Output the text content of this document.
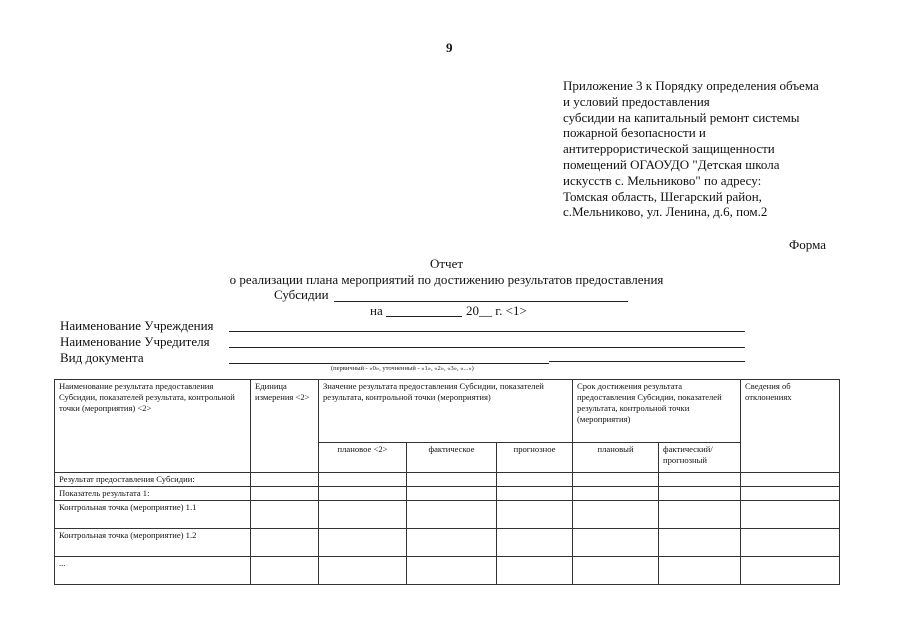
9
Приложение 3 к Порядку определения объема
и условий предоставления
субсидии на капитальный ремонт системы
пожарной безопасности и
антитеррористической защищенности
помещений ОГАОУДО "Детская школа
искусств с. Мельниково" по адресу:
Томская область, Шегарский район,
с.Мельниково, ул. Ленина, д.6, пом.2
Форма
Отчет
о реализации плана мероприятий по достижению результатов предоставления
Субсидии
на	20__ г. <1>
Наименование Учреждения
Наименование Учредителя
Вид документа
(первичный - «0», уточненный - «1», «2», «3», «...»)
Наименование результата предоставления Субсидии, показателей результата, контрольной точки (мероприятия) <2>	Единица измерения <2>	Значение результата предоставления Субсидии, показателей результата, контрольной точки (мероприятия)			Срок достижения результата предоставления Субсидии, показателей результата, контрольной точки (мероприятия)		Сведения об отклонениях
		плановое <2>	фактическое	прогнозное	плановый	фактический/ прогнозный	
Результат предоставления Субсидии:							
Показатель результата 1:							
Контрольная точка (мероприятие) 1.1							
Контрольная точка (мероприятие) 1.2							
...							
